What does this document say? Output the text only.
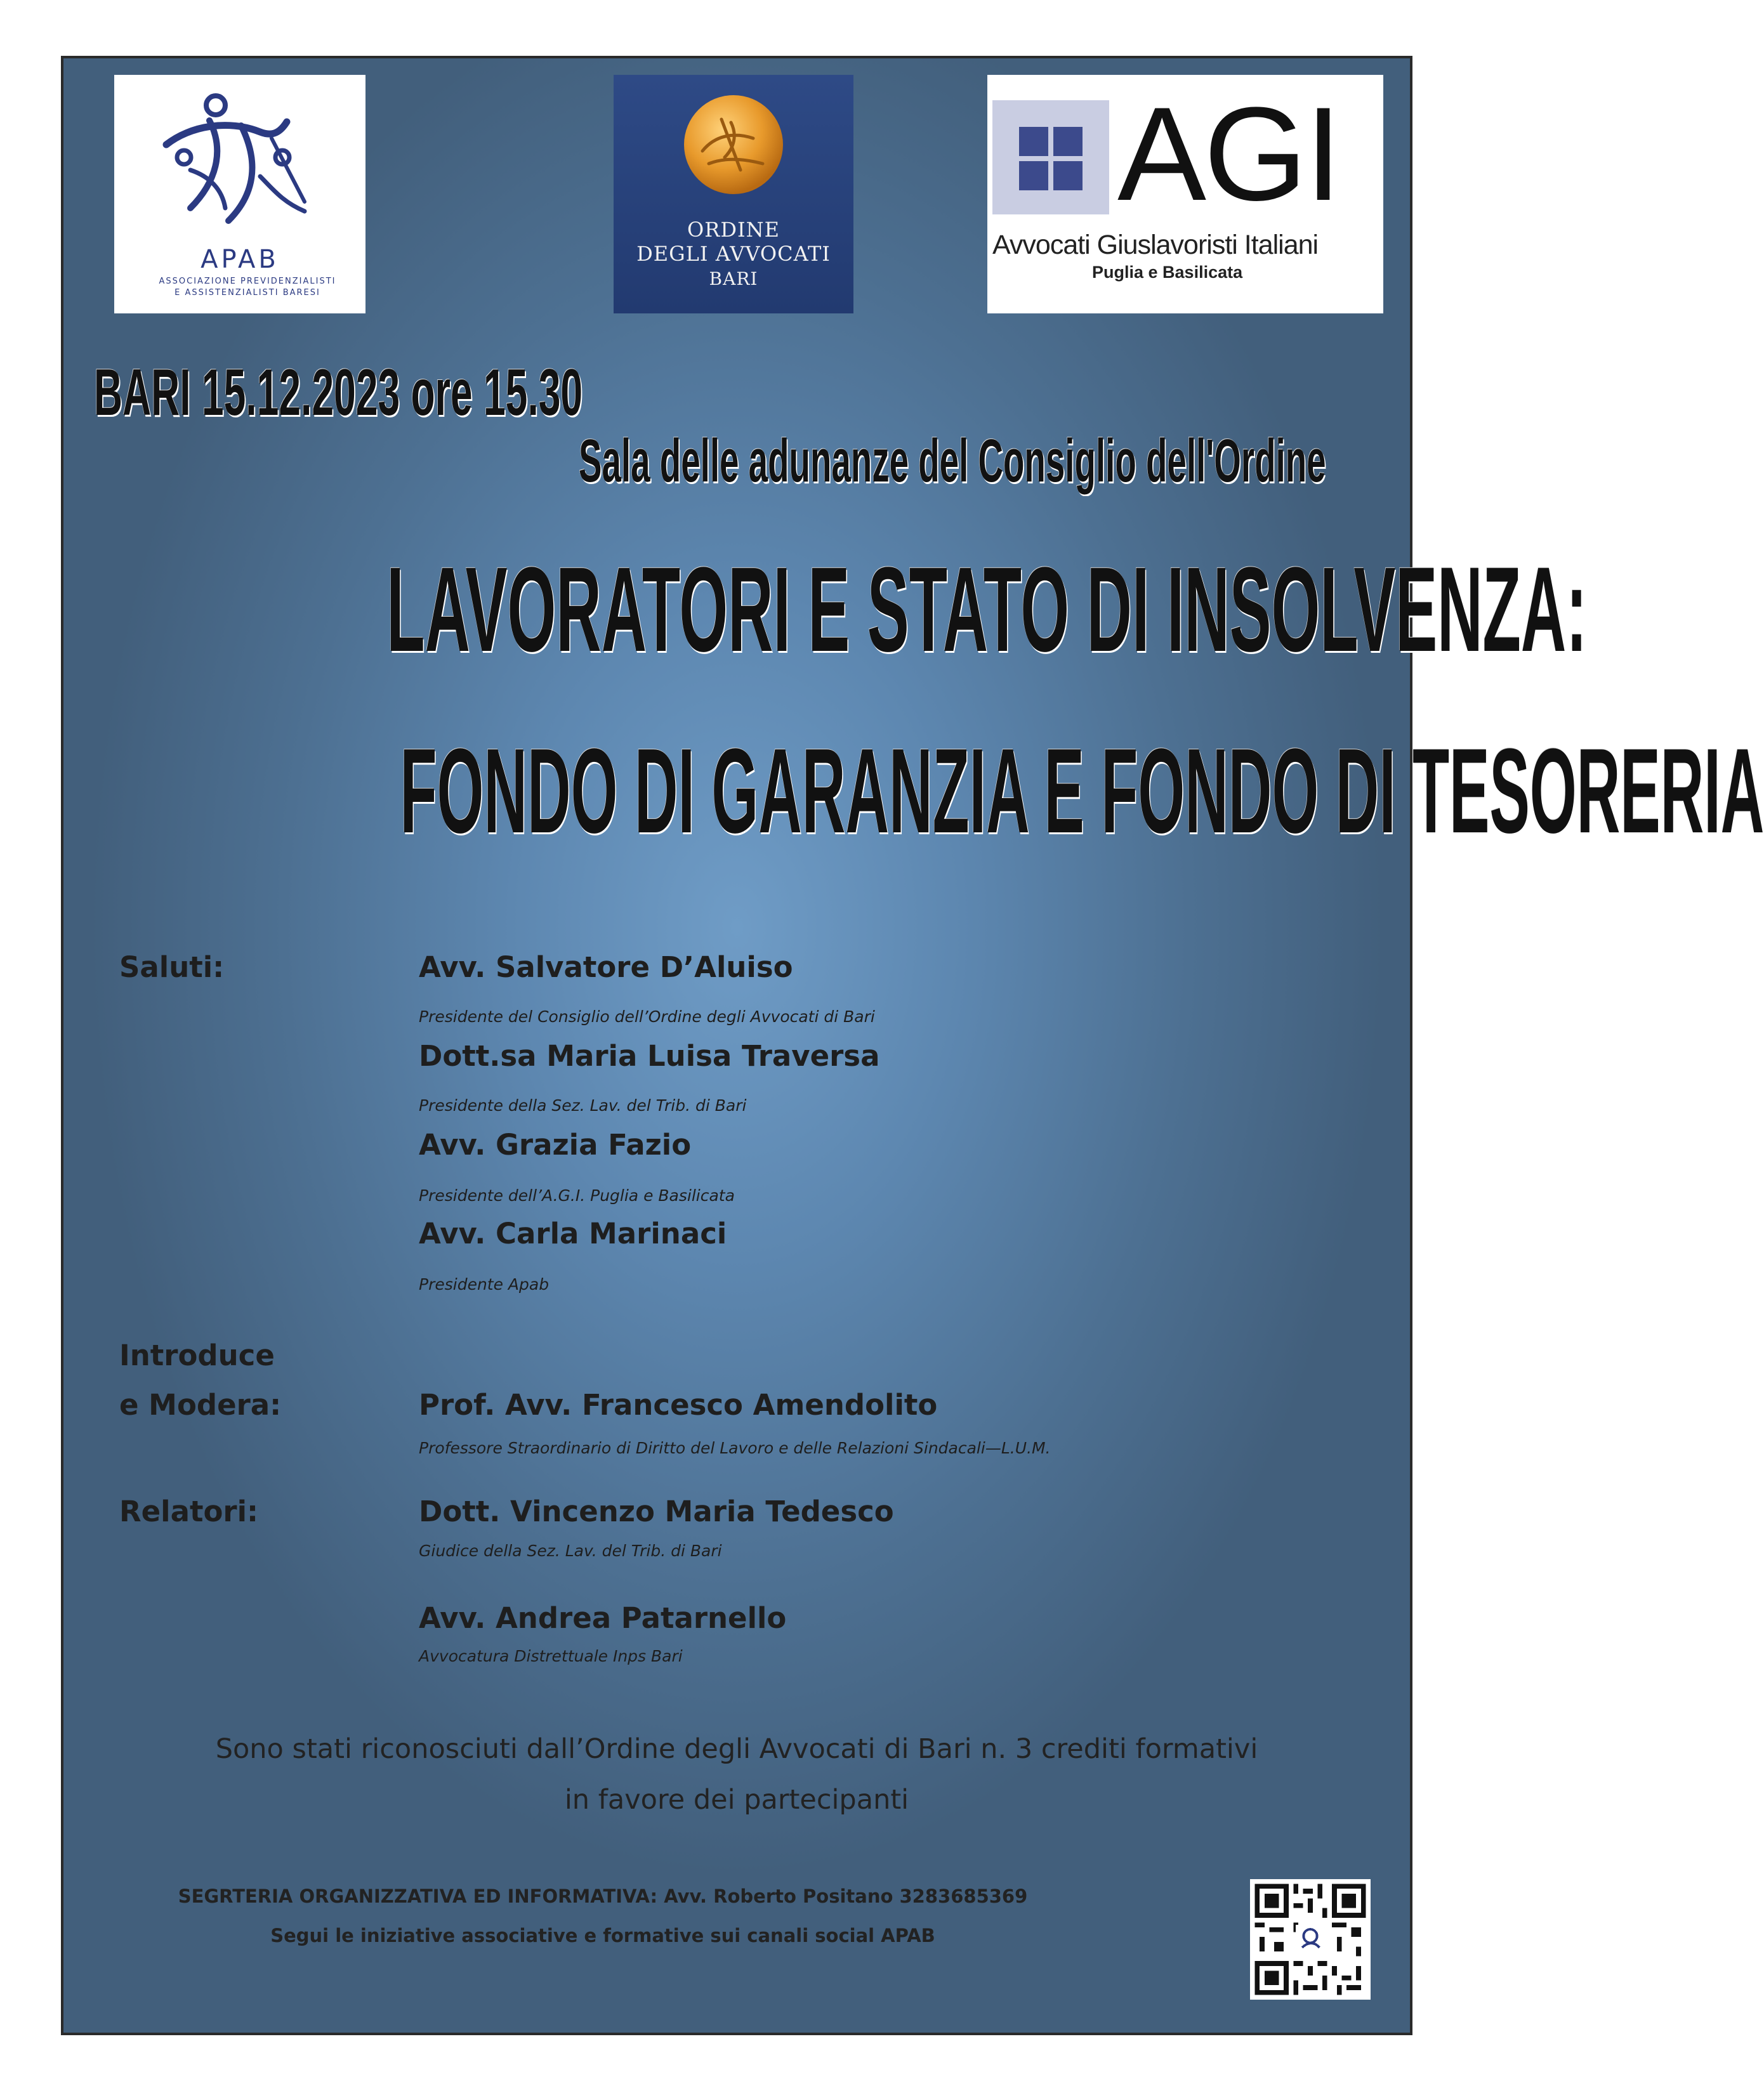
APAB
ASSOCIAZIONE PREVIDENZIALISTI
E ASSISTENZIALISTI BARESI
ORDINE
DEGLI AVVOCATI
BARI
AGI
Avvocati Giuslavoristi Italiani
Puglia e Basilicata
BARI 15.12.2023 ore 15.30
Sala delle adunanze del Consiglio dell'Ordine
LAVORATORI E STATO DI INSOLVENZA:
FONDO DI GARANZIA E FONDO DI TESORERIA
Saluti:	Avv. Salvatore D’Aluiso
Presidente del Consiglio dell’Ordine degli Avvocati di Bari
Dott.sa Maria Luisa Traversa
Presidente della Sez. Lav. del Trib. di Bari
Avv. Grazia Fazio
Presidente dell’A.G.I. Puglia e Basilicata
Avv. Carla Marinaci
Presidente Apab
Introduce
e Modera:	Prof. Avv. Francesco Amendolito
Professore Straordinario di Diritto del Lavoro e delle Relazioni Sindacali—L.U.M.
Relatori:	Dott. Vincenzo Maria Tedesco
Giudice della Sez. Lav. del Trib. di Bari
Avv. Andrea Patarnello
Avvocatura Distrettuale Inps Bari
Sono stati riconosciuti dall’Ordine degli Avvocati di Bari n. 3 crediti formativi
in favore dei partecipanti
SEGRTERIA ORGANIZZATIVA ED INFORMATIVA: Avv. Roberto Positano 3283685369
Segui le iniziative associative e formative sui canali social APAB
